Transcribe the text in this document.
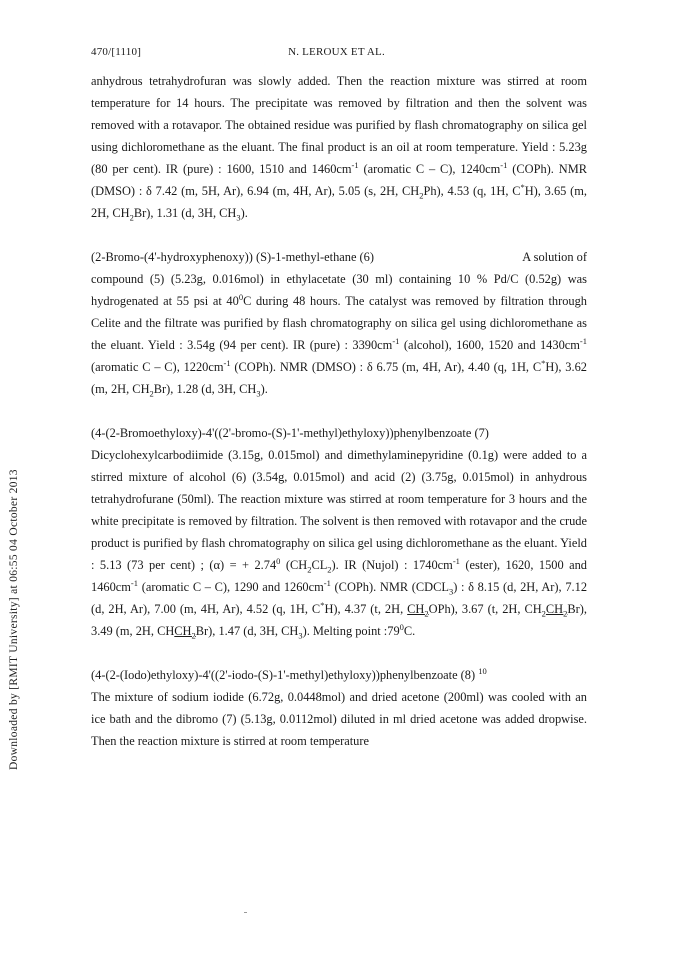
470/[1110]	N. LEROUX ET AL.
Downloaded by [RMIT University] at 06:55 04 October 2013

anhydrous tetrahydrofuran was slowly added. Then the reaction mixture was stirred at room temperature for 14 hours. The precipitate was removed by filtration and then the solvent was removed with a rotavapor. The obtained residue was purified by flash chromatography on silica gel using dichloromethane as the eluant. The final product is an oil at room temperature. Yield : 5.23g (80 per cent). IR (pure) : 1600, 1510 and $1460cm^{-1}$ (aromatic C – C), $1240cm^{-1}$ (COPh). NMR (DMSO) : δ 7.42 (m, 5H, Ar), 6.94 (m, 4H, Ar), 5.05 (s, 2H, $CH_2Ph$), 4.53 (q, 1H, C*H), 3.65 (m, 2H, $CH_2Br$), 1.31 (d, 3H, $CH_3$).

(2-Bromo-(4'-hydroxyphenoxy)) (S)-1-methyl-ethane (6)	A solution of

compound (5) (5.23g, 0.016mol) in ethylacetate (30 ml) containing 10 % Pd/C (0.52g) was hydrogenated at 55 psi at $40^0C$ during 48 hours. The catalyst was removed by filtration through Celite and the filtrate was purified by flash chromatography on silica gel using dichloromethane as the eluant. Yield : 3.54g (94 per cent). IR (pure) : $3390cm^{-1}$ (alcohol), 1600, 1520 and $1430cm^{-1}$ (aromatic C – C), $1220cm^{-1}$ (COPh). NMR (DMSO) : δ 6.75 (m, 4H, Ar), 4.40 (q, 1H, C*H), 3.62 (m, 2H, $CH_2Br$), 1.28 (d, 3H, $CH_3$).

(4-(2-Bromoethyloxy)-4'((2'-bromo-(S)-1'-methyl)ethyloxy))phenylbenzoate (7)

Dicyclohexylcarbodiimide (3.15g, 0.015mol) and dimethylaminepyridine (0.1g) were added to a stirred mixture of alcohol (6) (3.54g, 0.015mol) and acid (2) (3.75g, 0.015mol) in anhydrous tetrahydrofurane (50ml). The reaction mixture was stirred at room temperature for 3 hours and the white precipitate is removed by filtration. The solvent is then removed with rotavapor and the crude product is purified by flash chromatography on silica gel using dichloromethane as the eluant. Yield : 5.13 (73 per cent) ; (α) = + $2.74^0$ $(CH_2CL_2)$. IR (Nujol) : $1740cm^{-1}$ (ester), 1620, 1500 and $1460cm^{-1}$ (aromatic C – C), 1290 and $1260cm^{-1}$ (COPh). NMR $(CDCL_3)$ : δ 8.15 (d, 2H, Ar), 7.12 (d, 2H, Ar), 7.00 (m, 4H, Ar), 4.52 (q, 1H, C*H), 4.37 (t, 2H, $CH_2OPh$), 3.67 (t, 2H, $CH_2CH_2Br$), 3.49 (m, 2H, $CHCH_2Br$), 1.47 (d, 3H, $CH_3$). Melting point $:79^0C$.

(4-(2-(Iodo)ethyloxy)-4'((2'-iodo-(S)-1'-methyl)ethyloxy))phenylbenzoate (8) $^{10}$

The mixture of sodium iodide (6.72g, 0.0448mol) and dried acetone (200ml) was cooled with an ice bath and the dibromo (7) (5.13g, 0.0112mol) diluted in ml dried acetone was added dropwise. Then the reaction mixture is stirred at room temperature
